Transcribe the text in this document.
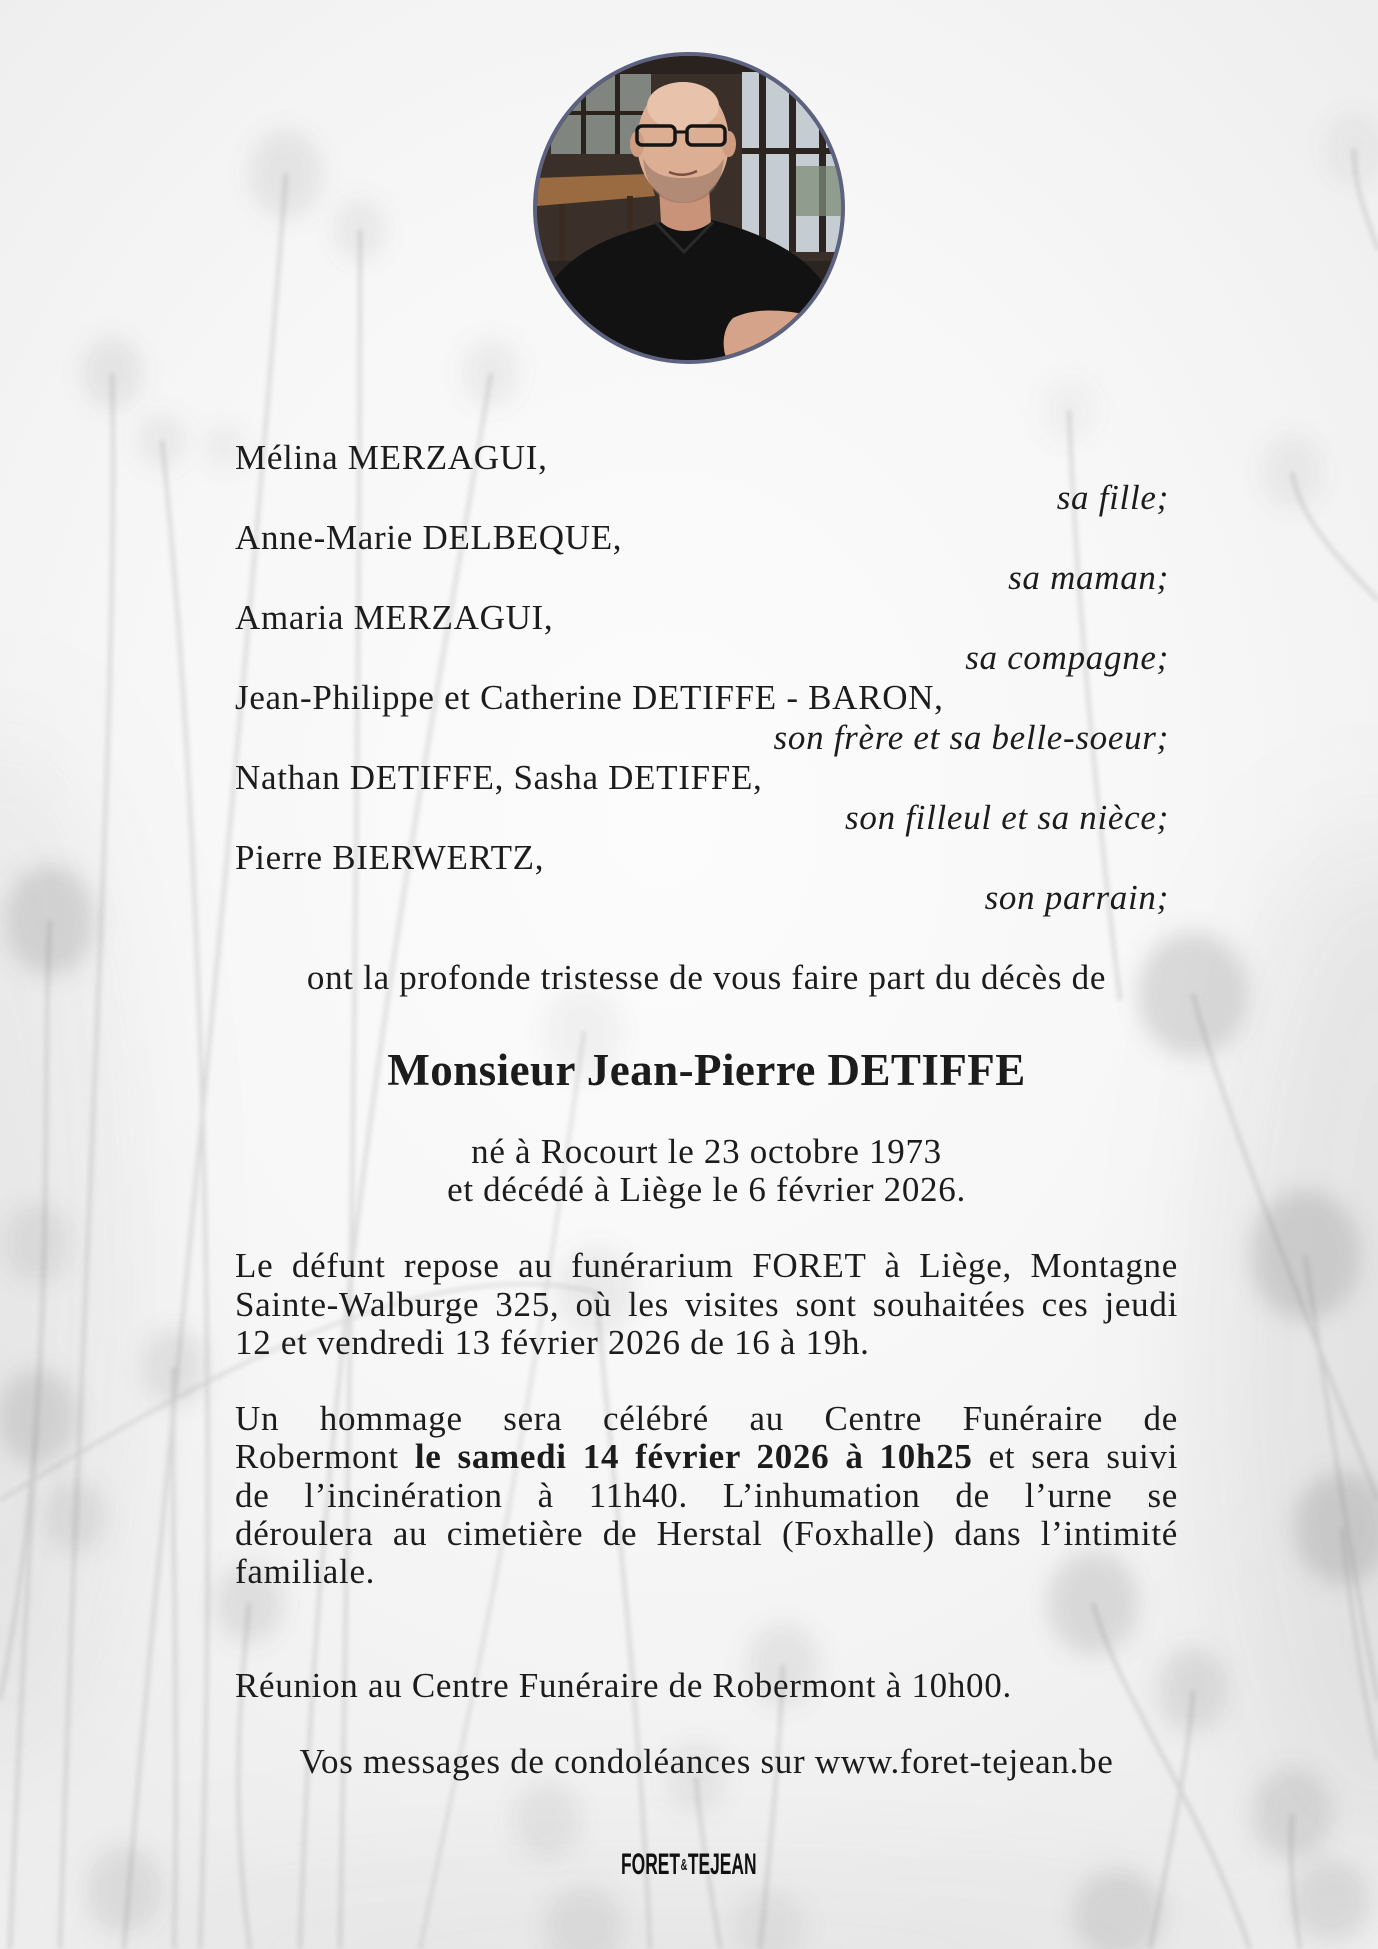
Mélina MERZAGUI,
sa fille;
Anne-Marie DELBEQUE,
sa maman;
Amaria MERZAGUI,
sa compagne;
Jean-Philippe et Catherine DETIFFE - BARON,
son frère et sa belle-soeur;
Nathan DETIFFE, Sasha DETIFFE,
son filleul et sa nièce;
Pierre BIERWERTZ,
son parrain;
ont la profonde tristesse de vous faire part du décès de
Monsieur Jean-Pierre DETIFFE
né à Rocourt le 23 octobre 1973
et décédé à Liège le 6 février 2026.
Le défunt repose au funérarium FORET à Liège, Montagne
Sainte-Walburge 325, où les visites sont souhaitées ces jeudi
12 et vendredi 13 février 2026 de 16 à 19h.
Un hommage sera célébré au Centre Funéraire de
Robermont le samedi 14 février 2026 à 10h25 et sera suivi
de l’incinération à 11h40. L’inhumation de l’urne se
déroulera au cimetière de Herstal (Foxhalle) dans l’intimité
familiale.
Réunion au Centre Funéraire de Robermont à 10h00.
Vos messages de condoléances sur www.foret-tejean.be
FORET&TEJEAN
